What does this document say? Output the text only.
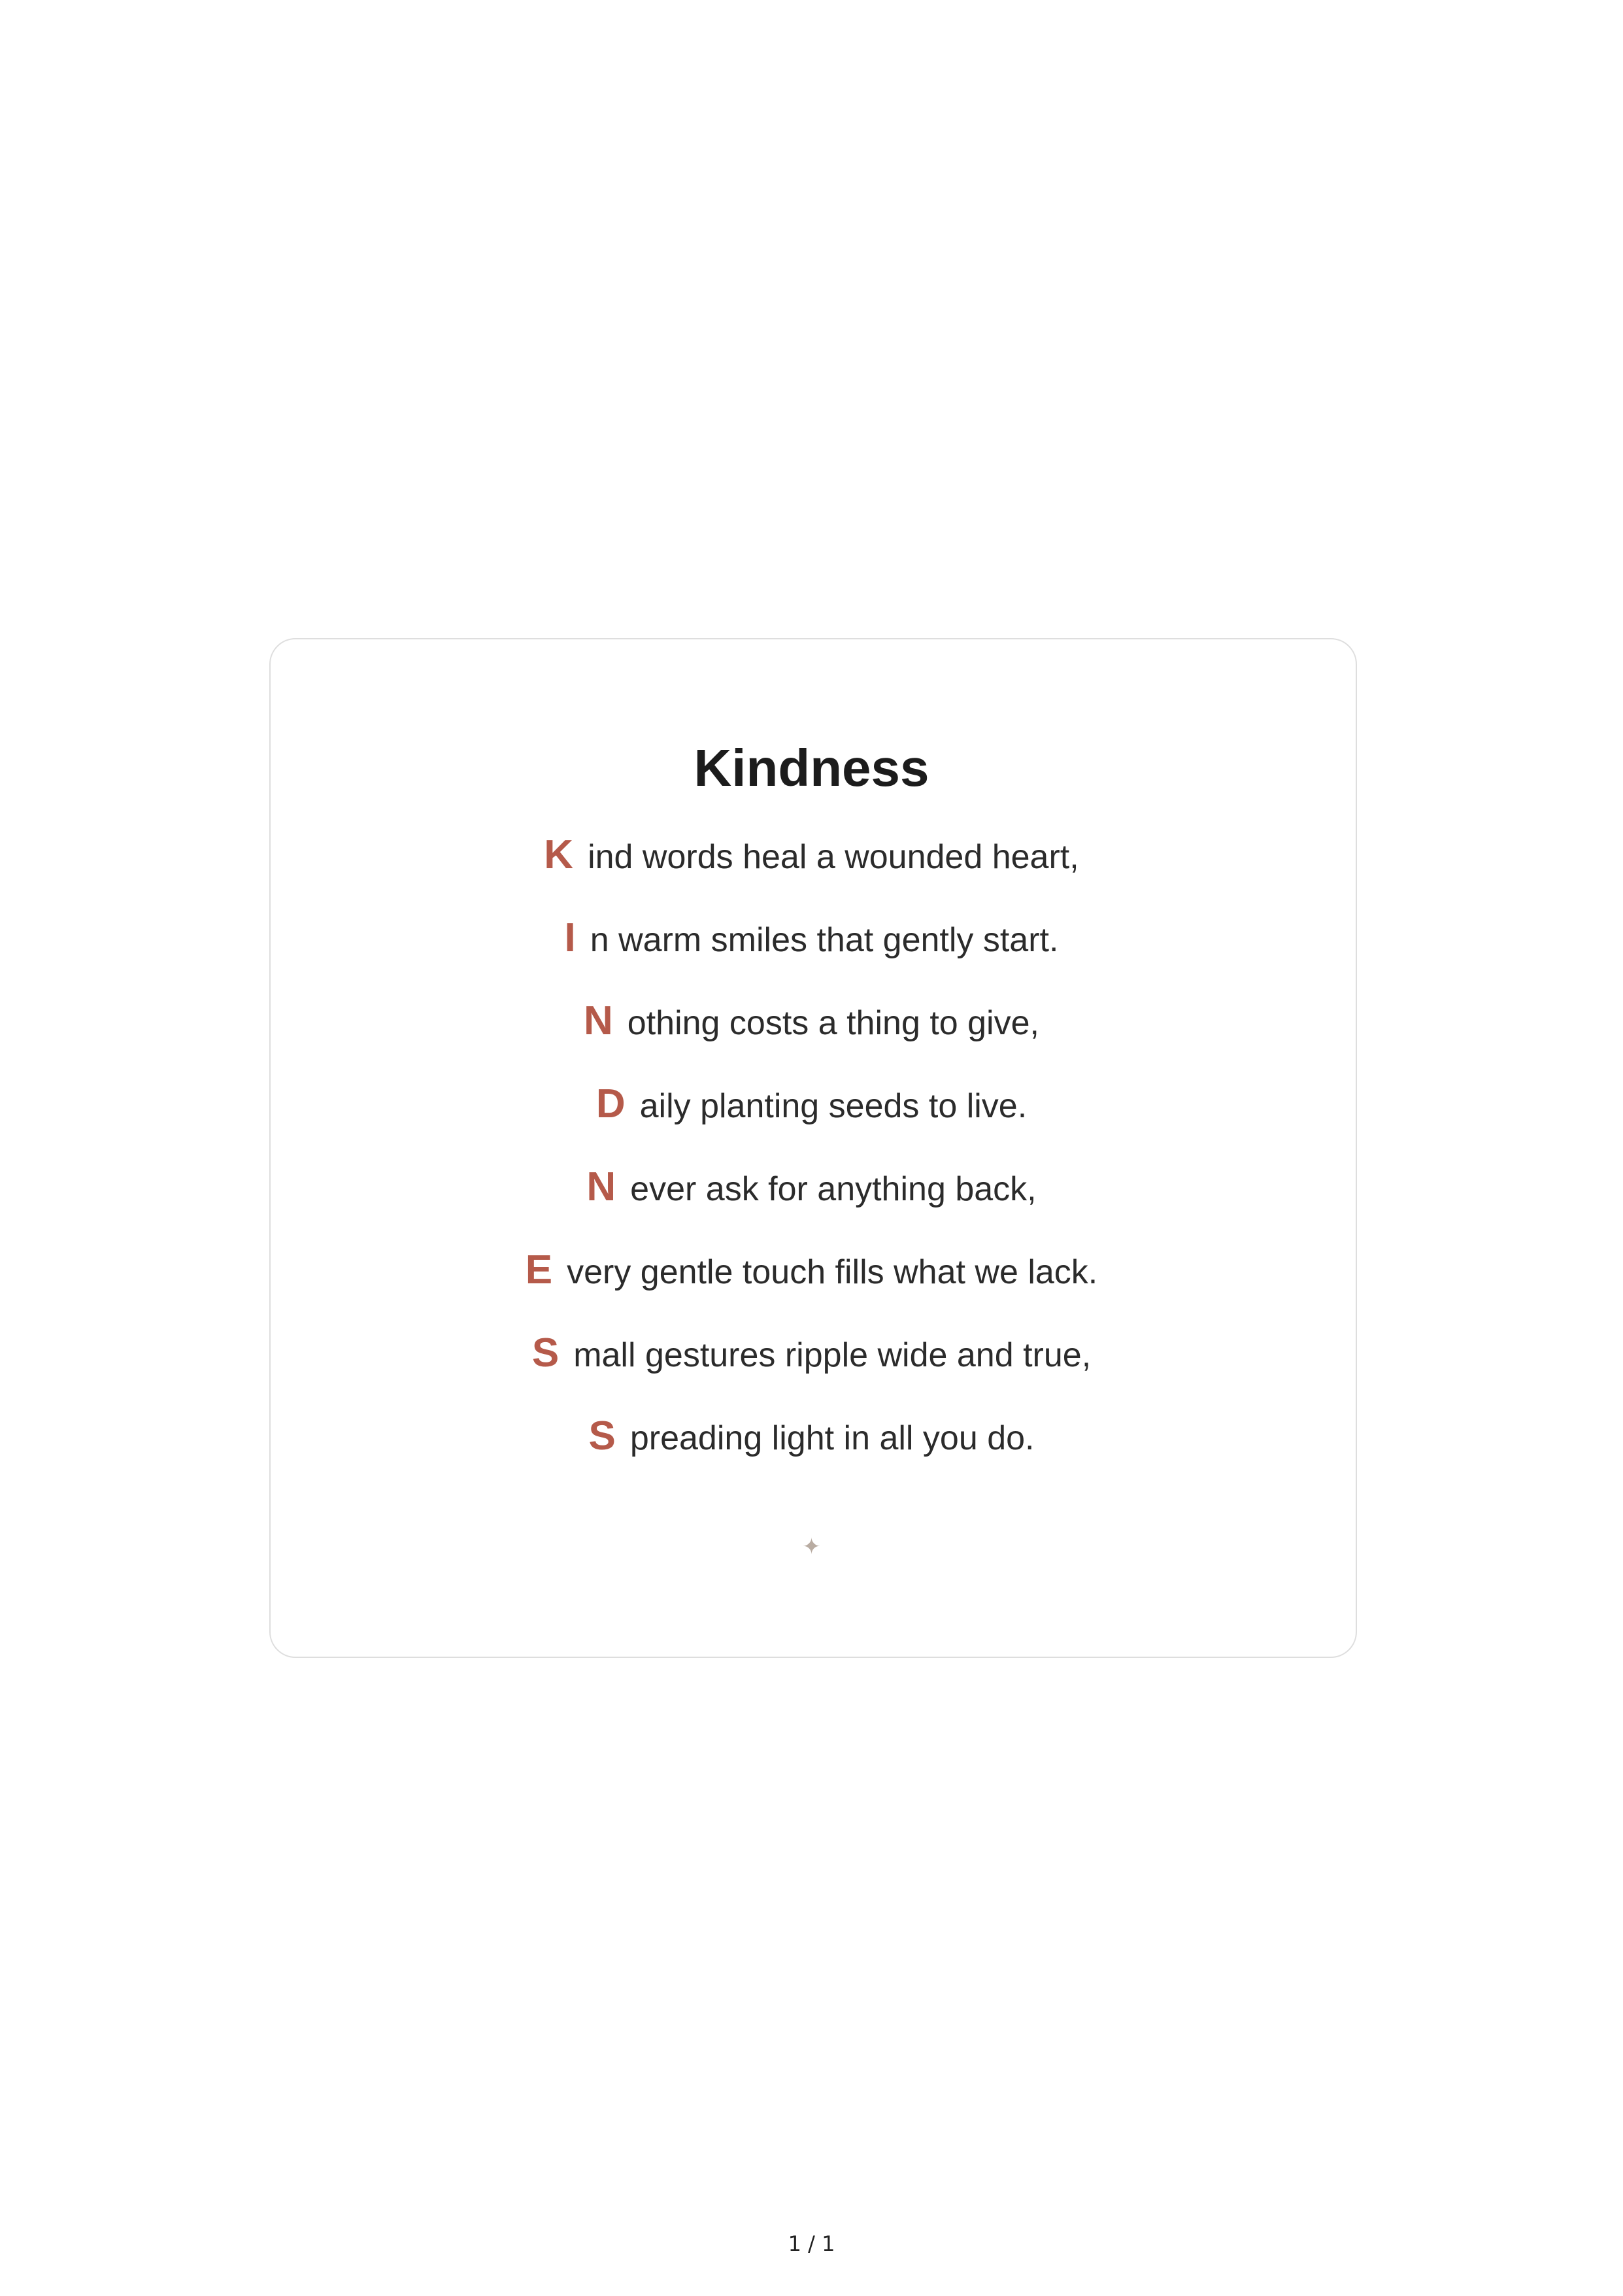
Kindness
K ind words heal a wounded heart,
I n warm smiles that gently start.
N othing costs a thing to give,
D aily planting seeds to live.
N ever ask for anything back,
E very gentle touch fills what we lack.
S mall gestures ripple wide and true,
S preading light in all you do.
✦
1 / 1
